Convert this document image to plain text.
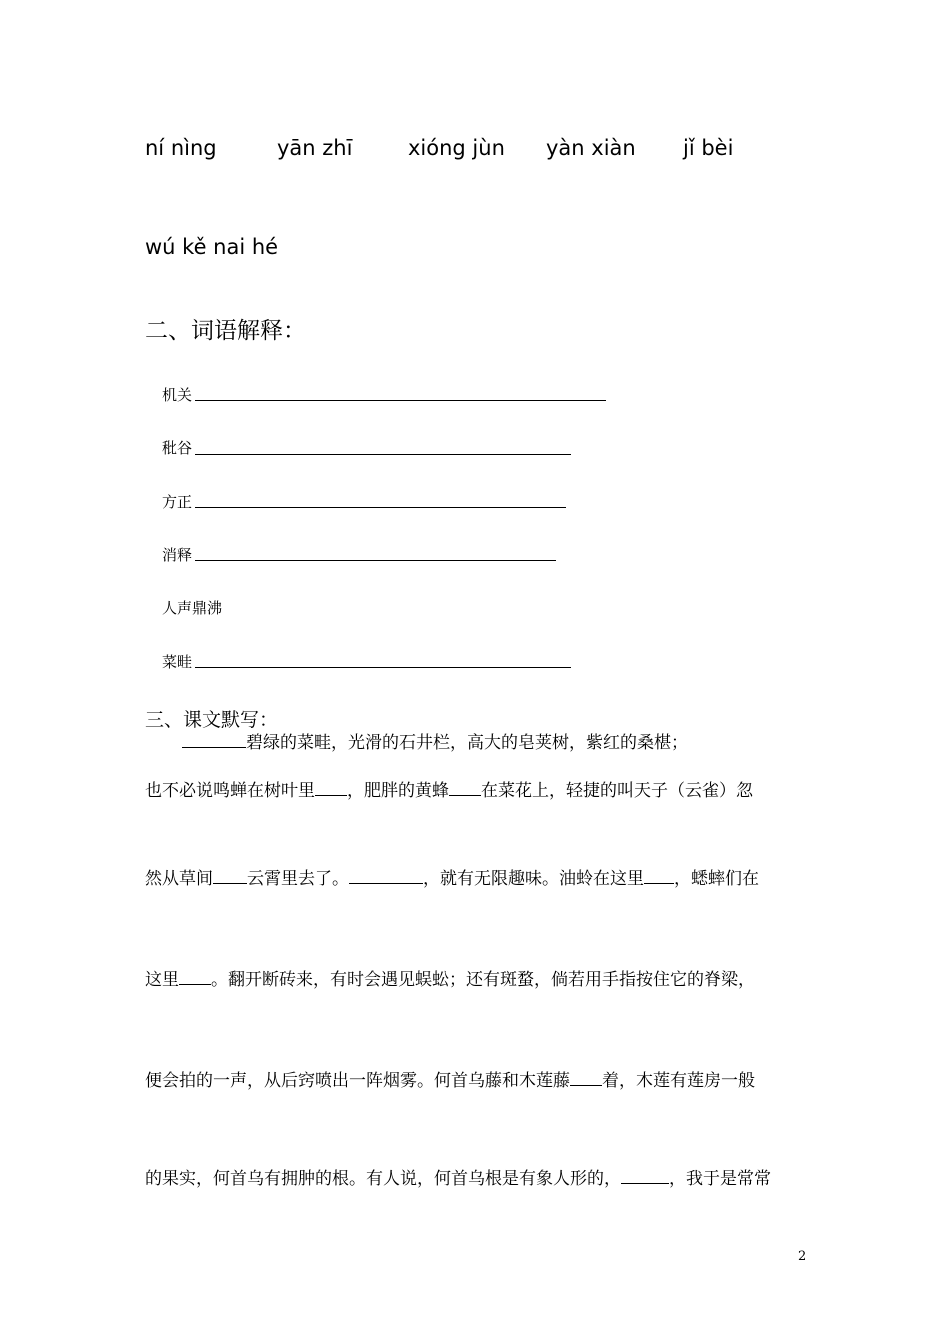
ní nìng	yān zhī	xióng jùn yàn xiàn jǐ bèi
wú kě nai hé
二、词语解释：
机关
秕谷
方正
消释
人声鼎沸
菜畦
三、课文默写：
碧绿的菜畦，光滑的石井栏，高大的皂荚树，紫红的桑椹；
也不必说鸣蝉在树叶里 ，肥胖的黄蜂 在菜花上，轻捷的叫天子（云雀）忽
然从草间 云霄里去了。	，就有无限趣味。油蛉在这里 ，蟋蟀们在
这里 。翻开断砖来，有时会遇见蜈蚣；还有斑蝥，倘若用手指按住它的脊梁，
便会拍的一声，从后窍喷出一阵烟雾。何首乌藤和木莲藤 着，木莲有莲房一般
的果实，何首乌有拥肿的根。有人说，何首乌根是有象人形的，	，我于是常常
2
